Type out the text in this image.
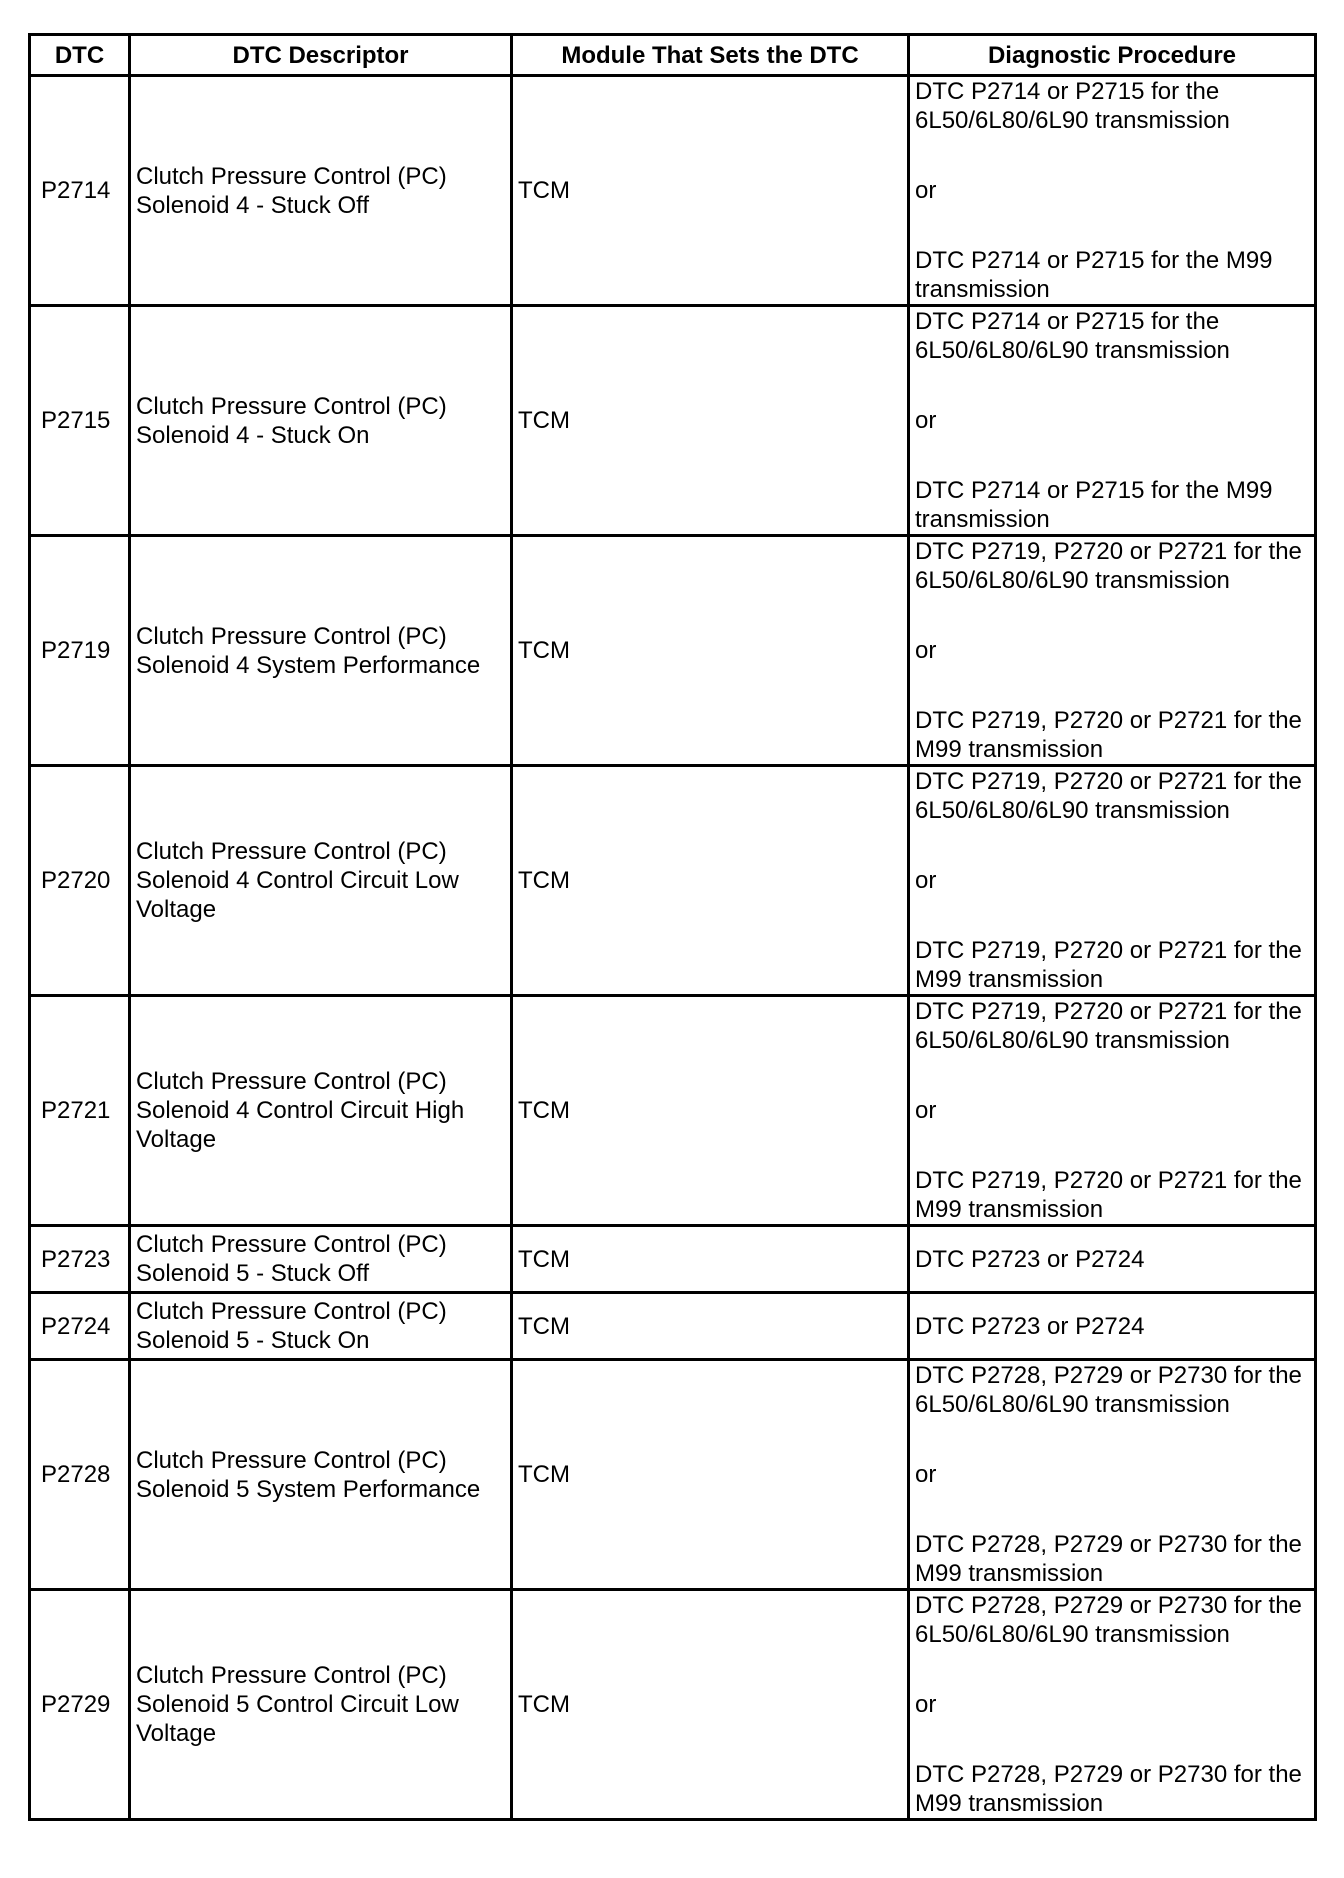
DTC	DTC Descriptor	Module That Sets the DTC	Diagnostic Procedure
P2714	Clutch Pressure Control (PC) Solenoid 4 - Stuck Off	TCM	DTC P2714 or P2715 for the 6L50/6L80/6L90 transmission
or
DTC P2714 or P2715 for the M99 transmission

P2715	Clutch Pressure Control (PC) Solenoid 4 - Stuck On	TCM	DTC P2714 or P2715 for the 6L50/6L80/6L90 transmission
or
DTC P2714 or P2715 for the M99 transmission

P2719	Clutch Pressure Control (PC) Solenoid 4 System Performance	TCM	DTC P2719, P2720 or P2721 for the 6L50/6L80/6L90 transmission
or
DTC P2719, P2720 or P2721 for the M99 transmission

P2720	Clutch Pressure Control (PC) Solenoid 4 Control Circuit Low Voltage	TCM	DTC P2719, P2720 or P2721 for the 6L50/6L80/6L90 transmission
or
DTC P2719, P2720 or P2721 for the M99 transmission

P2721	Clutch Pressure Control (PC) Solenoid 4 Control Circuit High Voltage	TCM	DTC P2719, P2720 or P2721 for the 6L50/6L80/6L90 transmission
or
DTC P2719, P2720 or P2721 for the M99 transmission

P2723	Clutch Pressure Control (PC) Solenoid 5 - Stuck Off	TCM	DTC P2723 or P2724
P2724	Clutch Pressure Control (PC) Solenoid 5 - Stuck On	TCM	DTC P2723 or P2724
P2728	Clutch Pressure Control (PC) Solenoid 5 System Performance	TCM	DTC P2728, P2729 or P2730 for the 6L50/6L80/6L90 transmission
or
DTC P2728, P2729 or P2730 for the M99 transmission

P2729	Clutch Pressure Control (PC) Solenoid 5 Control Circuit Low Voltage	TCM	DTC P2728, P2729 or P2730 for the 6L50/6L80/6L90 transmission
or
DTC P2728, P2729 or P2730 for the M99 transmission
